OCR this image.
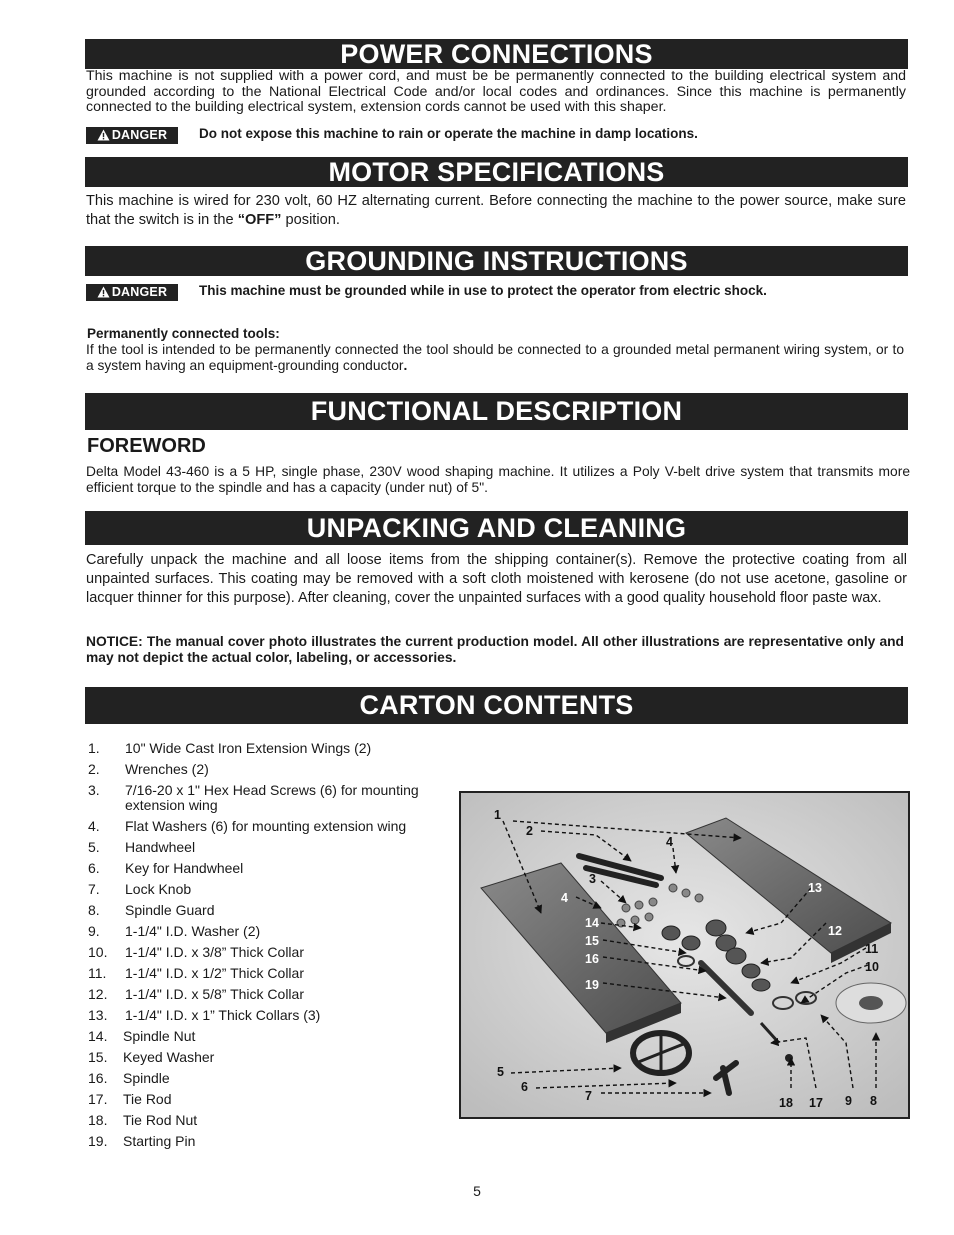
POWER CONNECTIONS

This machine is not supplied with a power cord, and must be be permanently connected to the building electrical system and grounded according to the National Electrical Code and/or local codes and ordinances. Since this machine is permanently connected to the building electrical system, extension cords cannot be used with this shaper.

DANGER	Do not expose this machine to rain or operate the machine in damp locations.
MOTOR SPECIFICATIONS

This machine is wired for 230 volt, 60 HZ alternating current. Before connecting the machine to the power source, make sure that the switch is in the “OFF” position.

GROUNDING INSTRUCTIONS
DANGER	This machine must be grounded while in use to protect the operator from electric shock.
Permanently connected tools:

If the tool is intended to be permanently connected the tool should be connected to a grounded metal permanent wiring system, or to a system having an equipment-grounding conductor.

FUNCTIONAL DESCRIPTION
FOREWORD

Delta Model 43-460 is a 5 HP, single phase, 230V wood shaping machine. It utilizes a Poly V-belt drive system that transmits more efficient torque to the spindle and has a capacity (under nut) of 5".

UNPACKING AND CLEANING

Carefully unpack the machine and all loose items from the shipping container(s). Remove the protective coating from all unpainted surfaces. This coating may be removed with a soft cloth moistened with kerosene (do not use acetone, gasoline or lacquer thinner for this purpose). After cleaning, cover the unpainted surfaces with a good quality household floor paste wax.

NOTICE: The manual cover photo illustrates the current production model. All other illustrations are representative only and may not depict the actual color, labeling, or accessories.

CARTON CONTENTS
1.	10" Wide Cast Iron Extension Wings (2)
2.	Wrenches (2)
3.	7/16-20 x 1" Hex Head Screws (6) for mounting extension wing
4.	Flat Washers (6) for mounting extension wing
5.	Handwheel
6.	Key for Handwheel
7.	Lock Knob
8.	Spindle Guard
9.	1-1/4" I.D. Washer (2)
10.	1-1/4" I.D. x 3/8” Thick Collar
11.	1-1/4" I.D. x 1/2” Thick Collar
12.	1-1/4" I.D. x 5/8” Thick Collar
13.	1-1/4" I.D. x 1” Thick Collars (3)
14.	Spindle Nut
15.	Keyed Washer
16.	Spindle
17.	Tie Rod
18.	Tie Rod Nut
19.	Starting Pin
1
2
4
3
4
13
14
12
15
11
16
10
19
5
6
7	18 17 9 8
5
